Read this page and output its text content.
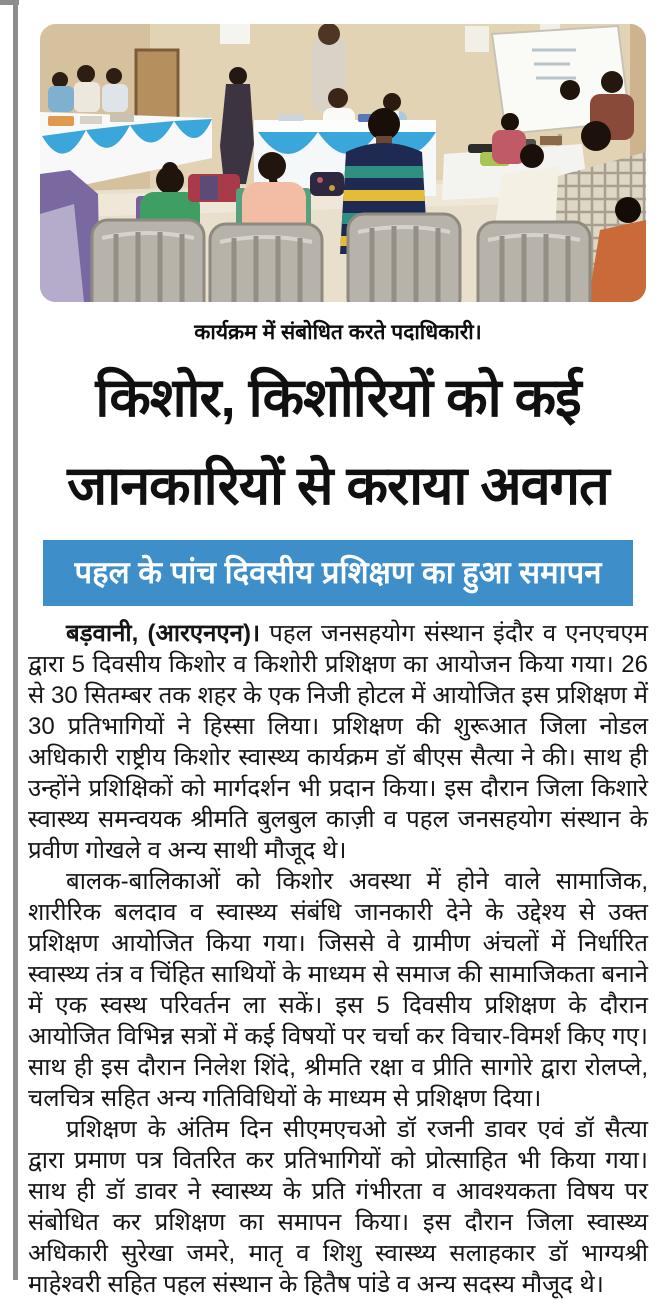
कार्यक्रम में संबोधित करते पदाधिकारी।
किशोर, किशोरियों को कई
जानकारियों से कराया अवगत
पहल के पांच दिवसीय प्रशिक्षण का हुआ समापन

बड़वानी, (आरएनएन)। पहल जनसहयोग संस्थान इंदौर व एनएचएम द्वारा 5 दिवसीय किशोर व किशोरी प्रशिक्षण का आयोजन किया गया। 26 से 30 सितम्बर तक शहर के एक निजी होटल में आयोजित इस प्रशिक्षण में 30 प्रतिभागियों ने हिस्सा लिया। प्रशिक्षण की शुरूआत जिला नोडल अधिकारी राष्ट्रीय किशोर स्वास्थ्य कार्यक्रम डॉ बीएस सैत्या ने की। साथ ही उन्होंने प्रशिक्षिकों को मार्गदर्शन भी प्रदान किया। इस दौरान जिला किशारे स्वास्थ्य समन्वयक श्रीमति बुलबुल काज़ी व पहल जनसहयोग संस्थान के प्रवीण गोखले व अन्य साथी मौजूद थे।

बालक-बालिकाओं को किशोर अवस्था में होने वाले सामाजिक, शारीरिक बलदाव व स्वास्थ्य संबंधि जानकारी देने के उद्देश्य से उक्त प्रशिक्षण आयोजित किया गया। जिससे वे ग्रामीण अंचलों में निर्धारित स्वास्थ्य तंत्र व चिंहित साथियों के माध्यम से समाज की सामाजिकता बनाने में एक स्वस्थ परिवर्तन ला सकें। इस 5 दिवसीय प्रशिक्षण के दौरान आयोजित विभिन्न सत्रों में कई विषयों पर चर्चा कर विचार-विमर्श किए गए। साथ ही इस दौरान निलेश शिंदे, श्रीमति रक्षा व प्रीति सागोरे द्वारा रोलप्ले, चलचित्र सहित अन्य गतिविधियों के माध्यम से प्रशिक्षण दिया।

प्रशिक्षण के अंतिम दिन सीएमएचओ डॉ रजनी डावर एवं डॉ सैत्या द्वारा प्रमाण पत्र वितरित कर प्रतिभागियों को प्रोत्साहित भी किया गया। साथ ही डॉ डावर ने स्वास्थ्य के प्रति गंभीरता व आवश्यकता विषय पर संबोधित कर प्रशिक्षण का समापन किया। इस दौरान जिला स्वास्थ्य अधिकारी सुरेखा जमरे, मातृ व शिशु स्वास्थ्य सलाहकार डॉ भाग्यश्री माहेश्वरी सहित पहल संस्थान के हितैष पांडे व अन्य सदस्य मौजूद थे।
